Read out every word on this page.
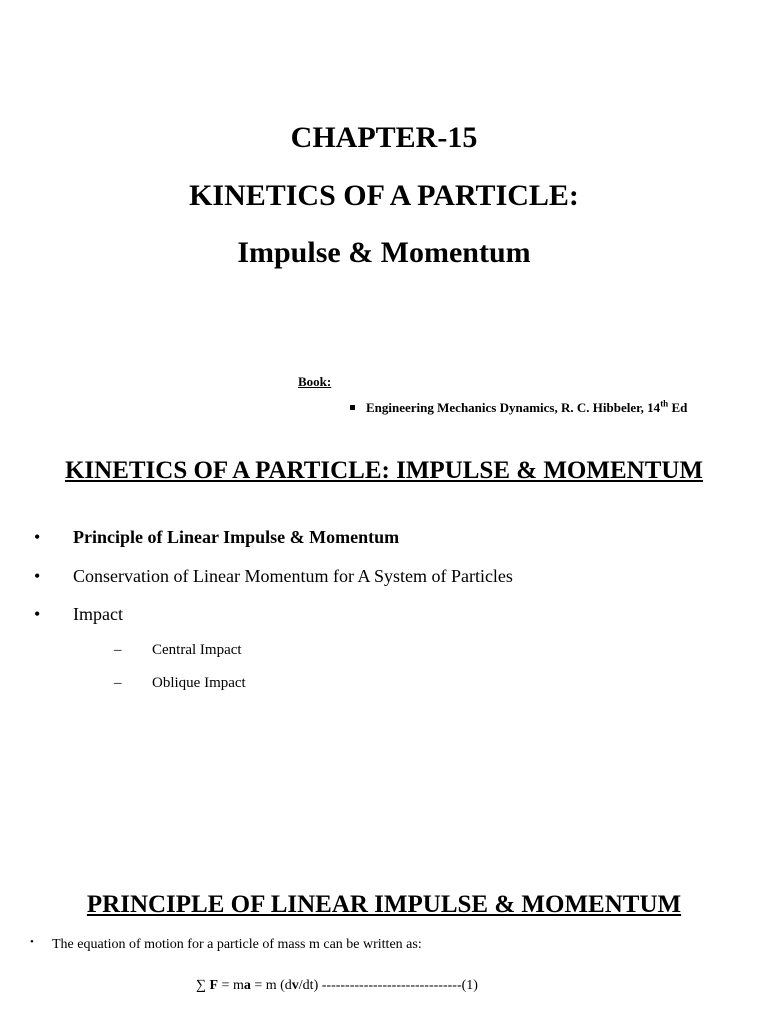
CHAPTER-15
KINETICS OF A PARTICLE:
Impulse & Momentum
Book:
Engineering Mechanics Dynamics, R. C. Hibbeler, 14th Ed
KINETICS OF A PARTICLE: IMPULSE & MOMENTUM
• Principle of Linear Impulse & Momentum
• Conservation of Linear Momentum for A System of Particles
• Impact
– Central Impact
– Oblique Impact
PRINCIPLE OF LINEAR IMPULSE & MOMENTUM
• The equation of motion for a particle of mass m can be written as:
∑ F = ma = m (dv/dt) ------------------------------(1)
